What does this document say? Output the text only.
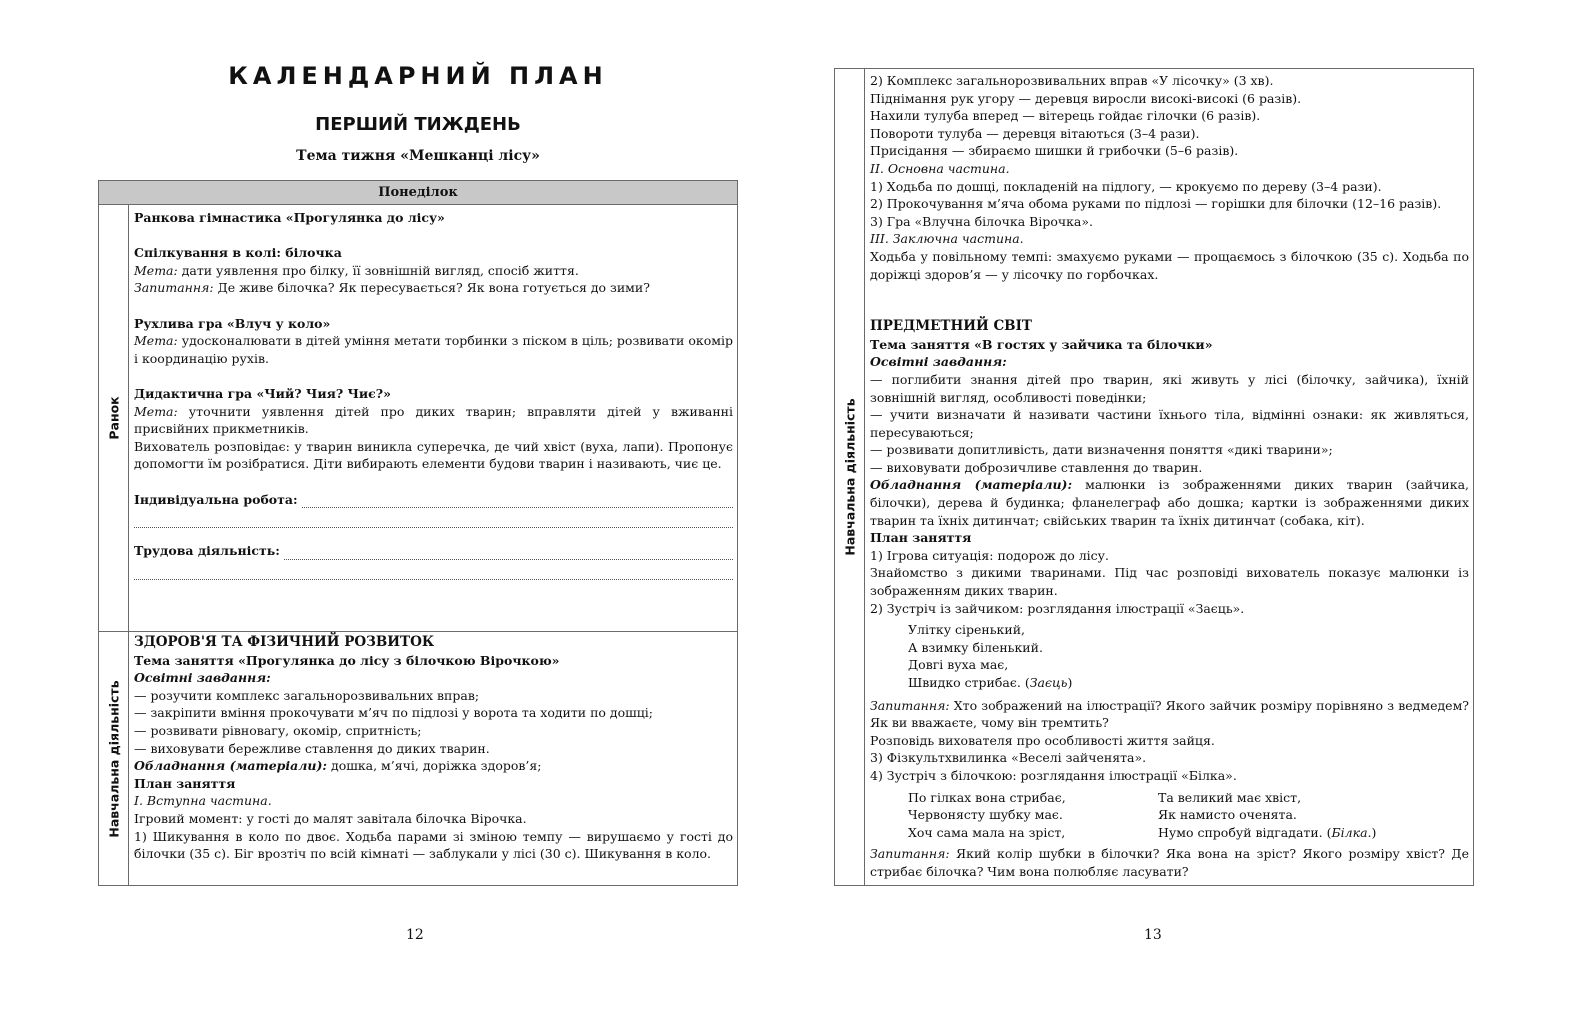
КАЛЕНДАРНИЙ ПЛАН
ПЕРШИЙ ТИЖДЕНЬ
Тема тижня «Мешканці лісу»
Понеділок
Ранок
Навчальна діяльність

Ранкова гімнастика «Прогулянка до лісу»

Спілкування в колі: білочка

Мета: дати уявлення про білку, її зовнішній вигляд, спосіб життя.

Запитання: Де живе білочка? Як пересувається? Як вона готується до зими?

Рухлива гра «Влуч у коло»

Мета: удосконалювати в дітей уміння метати торбинки з піском в ціль; розвивати окомір і координацію рухів.

Дидактична гра «Чий? Чия? Чиє?»

Мета: уточнити уявлення дітей про диких тварин; вправляти дітей у вживанні присвійних прикметників.

Вихователь розповідає: у тварин виникла суперечка, де чий хвіст (вуха, лапи). Пропонує допомогти їм розібратися. Діти вибирають елементи будови тварин і називають, чиє це.

Індивідуальна робота:
Трудова діяльність:

ЗДОРОВ'Я ТА ФІЗИЧНИЙ РОЗВИТОК

Тема заняття «Прогулянка до лісу з білочкою Вірочкою»

Освітні завдання:

— розучити комплекс загальнорозвивальних вправ;

— закріпити вміння прокочувати м’яч по підлозі у ворота та ходити по дошці;

— розвивати рівновагу, окомір, спритність;

— виховувати бережливе ставлення до диких тварин.

Обладнання (матеріали): дошка, м’ячі, доріжка здоров’я;

План заняття

I. Вступна частина.

Ігровий момент: у гості до малят завітала білочка Вірочка.

1) Шикування в коло по двоє. Ходьба парами зі зміною темпу — вирушаємо у гості до білочки (35 с). Біг врозтіч по всій кімнаті — заблукали у лісі (30 с). Шикування в коло.

12
Навчальна діяльність

2) Комплекс загальнорозвивальних вправ «У лісочку» (3 хв).

Піднімання рук угору — деревця виросли високі-високі (6 разів).

Нахили тулуба вперед — вітерець гойдає гілочки (6 разів).

Повороти тулуба — деревця вітаються (3–4 рази).

Присідання — збираємо шишки й грибочки (5–6 разів).

II. Основна частина.

1) Ходьба по дошці, покладеній на підлогу, — крокуємо по дереву (3–4 рази).

2) Прокочування м’яча обома руками по підлозі — горішки для білочки (12–16 разів).

3) Гра «Влучна білочка Вірочка».

III. Заключна частина.

Ходьба у повільному темпі: змахуємо руками — прощаємось з білочкою (35 с). Ходьба по доріжці здоров’я — у лісочку по горбочках.

ПРЕДМЕТНИЙ СВІТ

Тема заняття «В гостях у зайчика та білочки»

Освітні завдання:

— поглибити знання дітей про тварин, які живуть у лісі (білочку, зайчика), їхній зовнішній вигляд, особливості поведінки;

— учити визначати й називати частини їхнього тіла, відмінні ознаки: як живляться, пересуваються;

— розвивати допитливість, дати визначення поняття «дикі тварини»;

— виховувати доброзичливе ставлення до тварин.

Обладнання (матеріали): малюнки із зображеннями диких тварин (зайчика, білочки), дерева й будинка; фланелеграф або дошка; картки із зображеннями диких тварин та їхніх дитинчат; свійських тварин та їхніх дитинчат (собака, кіт).

План заняття

1) Ігрова ситуація: подорож до лісу.

Знайомство з дикими тваринами. Під час розповіді вихователь показує малюнки із зображенням диких тварин.

2) Зустріч із зайчиком: розглядання ілюстрації «Заєць».

Улітку сіренький,

А взимку біленький.

Довгі вуха має,

Швидко стрибає. (Заєць)

Запитання: Хто зображений на ілюстрації? Якого зайчик розміру порівняно з ведмедем? Як ви вважаєте, чому він тремтить?

Розповідь вихователя про особливості життя зайця.

3) Фізкультхвилинка «Веселі зайченята».

4) Зустріч з білочкою: розглядання ілюстрації «Білка».

По гілках вона стрибає,

Червоняcту шубку має.

Хоч сама мала на зріст,

Та великий має хвіст,

Як намисто оченята.

Нумо спробуй відгадати. (Білка.)

Запитання: Який колір шубки в білочки? Яка вона на зріст? Якого розміру хвіст? Де стрибає білочка? Чим вона полюбляє ласувати?

13
